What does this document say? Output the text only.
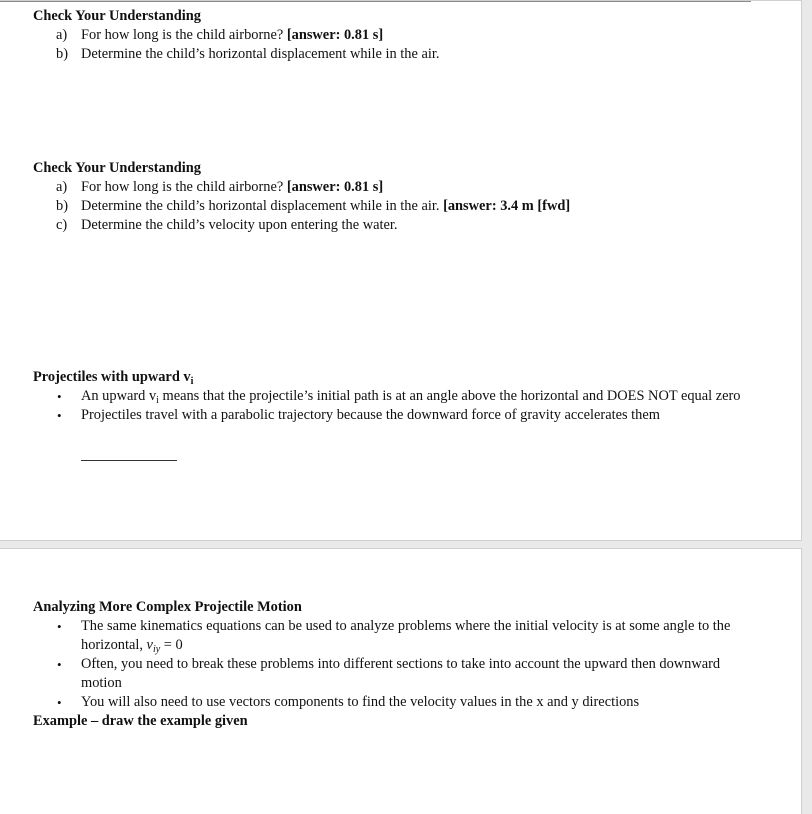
Check Your Understanding

a) For how long is the child airborne? [answer: 0.81 s]
b) Determine the child’s horizontal displacement while in the air.

Check Your Understanding

a) For how long is the child airborne? [answer: 0.81 s]
b) Determine the child’s horizontal displacement while in the air. [answer: 3.4 m [fwd]
c) Determine the child’s velocity upon entering the water.

Projectiles with upward $v_i$

• An upward $v_i$ means that the projectile’s initial path is at an angle above the horizontal and DOES NOT equal zero
• Projectiles travel with a parabolic trajectory because the downward force of gravity accelerates them

Analyzing More Complex Projectile Motion

• The same kinematics equations can be used to analyze problems where the initial velocity is at some angle to the horizontal, $v_{iy} = 0$
• Often, you need to break these problems into different sections to take into account the upward then downward motion
• You will also need to use vectors components to find the velocity values in the x and y directions

Example – draw the example given
